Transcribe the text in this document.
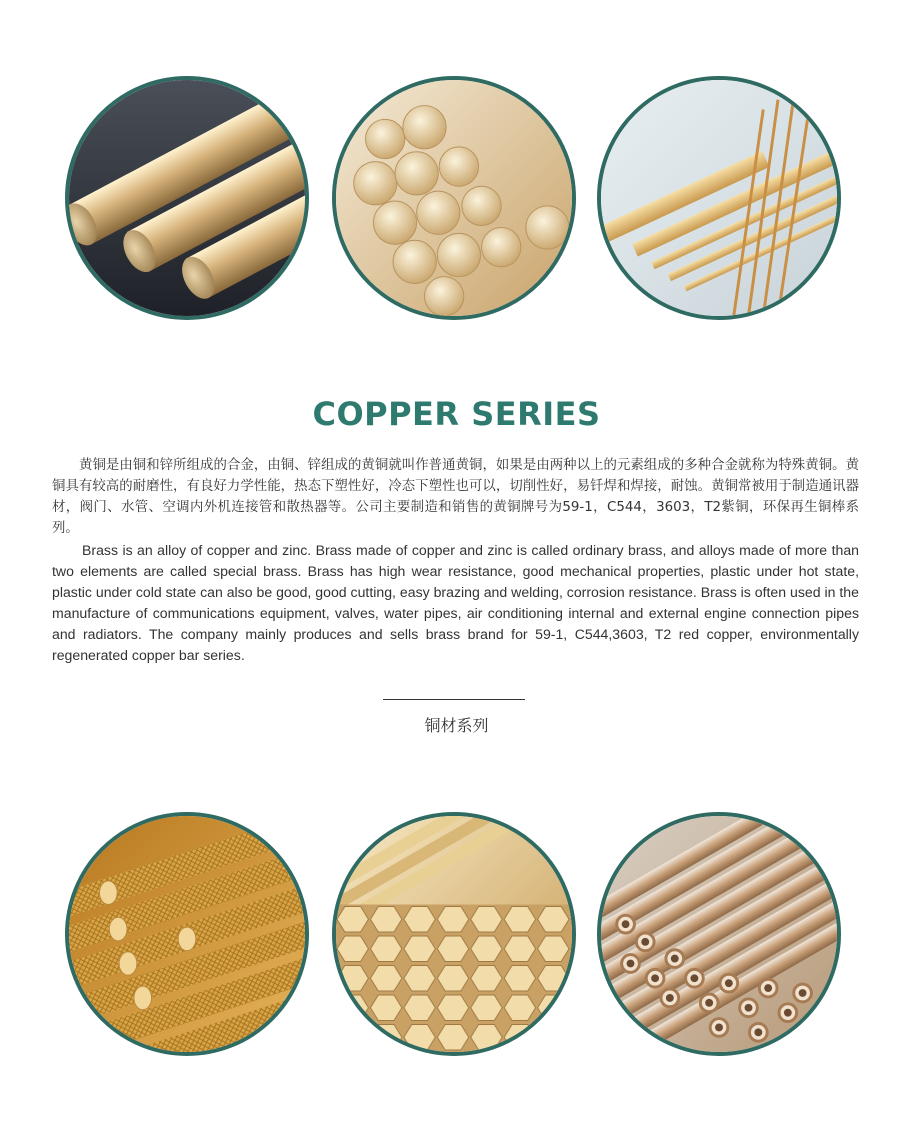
COPPER SERIES

黄铜是由铜和锌所组成的合金，由铜、锌组成的黄铜就叫作普通黄铜，如果是由两种以上的元素组成的多种合金就称为特殊黄铜。黄铜具有较高的耐磨性，有良好力学性能，热态下塑性好，冷态下塑性也可以，切削性好，易钎焊和焊接，耐蚀。黄铜常被用于制造通讯器材，阀门、水管、空调内外机连接管和散热器等。公司主要制造和销售的黄铜牌号为59-1，C544，3603，T2紫铜，环保再生铜棒系列。

Brass is an alloy of copper and zinc. Brass made of copper and zinc is called ordinary brass, and alloys made of more than two elements are called special brass. Brass has high wear resistance, good mechanical properties, plastic under hot state, plastic under cold state can also be good, good cutting, easy brazing and welding, corrosion resistance. Brass is often used in the manufacture of communications equipment, valves, water pipes, air conditioning internal and external engine connection pipes and radiators. The company mainly produces and sells brass brand for 59-1, C544,3603, T2 red copper, environmentally regenerated copper bar series.

铜材系列
